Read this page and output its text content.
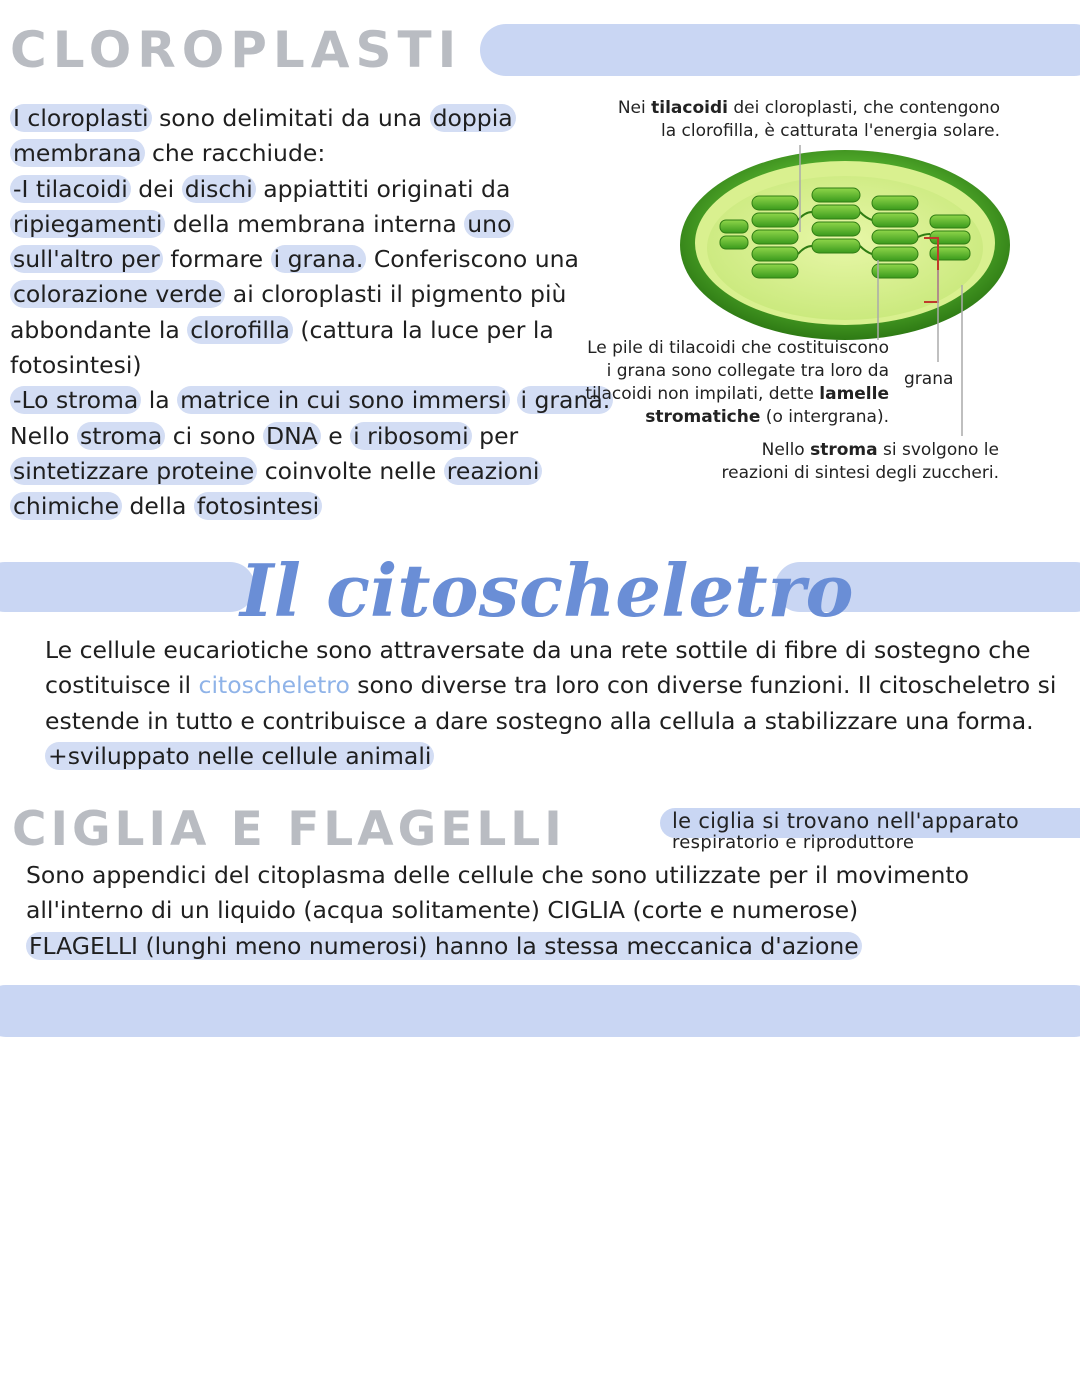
CLOROPLASTI
I cloroplasti sono delimitati da una doppia
membrana che racchiude:
-I tilacoidi dei dischi appiattiti originati da
ripiegamenti della membrana interna uno
sull'altro per formare i grana. Conferiscono una
colorazione verde ai cloroplasti il pigmento più
abbondante la clorofilla (cattura la luce per la
fotosintesi)
-Lo stroma la matrice in cui sono immersi i grana.
Nello stroma ci sono DNA e i ribosomi per
sintetizzare proteine coinvolte nelle reazioni
chimiche della fotosintesi
Nei tilacoidi dei cloroplasti, che contengono
la clorofilla, è catturata l'energia solare.
Le pile di tilacoidi che costituiscono
i grana sono collegate tra loro da
tilacoidi non impilati, dette lamelle
stromatiche (o intergrana).
grana
Nello stroma si svolgono le
reazioni di sintesi degli zuccheri.
Il citoscheletro
Le cellule eucariotiche sono attraversate da una rete sottile di fibre di sostegno che
costituisce il citoscheletro sono diverse tra loro con diverse funzioni. Il citoscheletro si
estende in tutto e contribuisce a dare sostegno alla cellula a stabilizzare una forma.
+sviluppato nelle cellule animali
CIGLIA E FLAGELLI	le ciglia si trovano nell'apparato
respiratorio e riproduttore
Sono appendici del citoplasma delle cellule che sono utilizzate per il movimento
all'interno di un liquido (acqua solitamente) CIGLIA (corte e numerose)
FLAGELLI (lunghi meno numerosi) hanno la stessa meccanica d'azione
